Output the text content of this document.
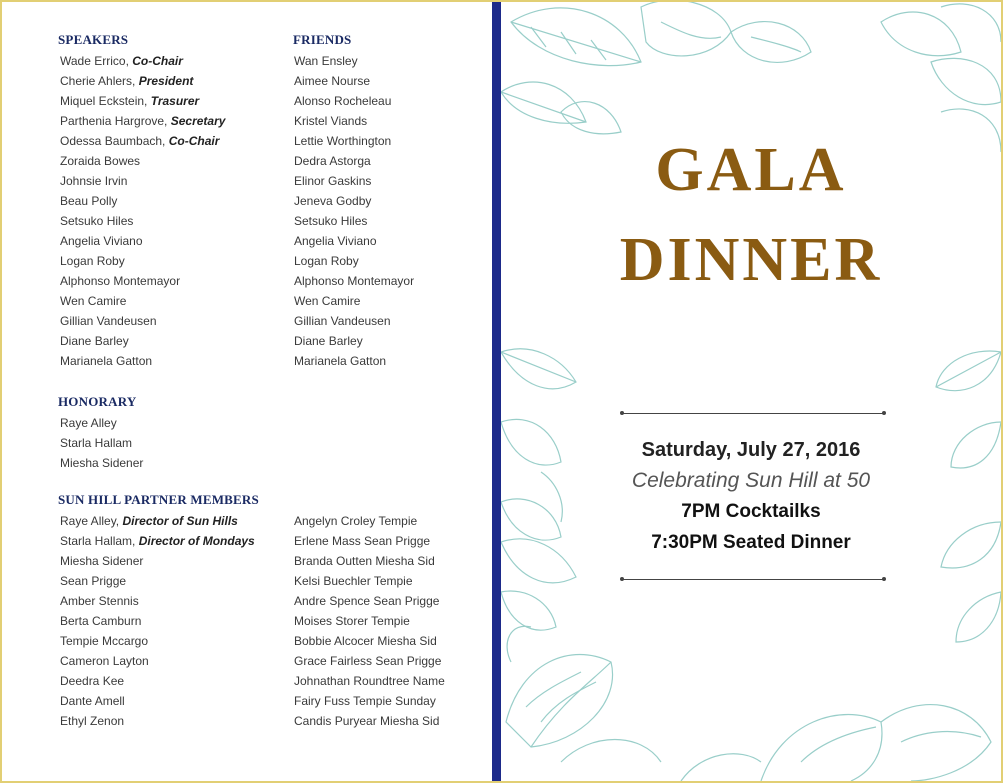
SPEAKERS
Wade Errico, Co-Chair
Cherie Ahlers, President
Miquel Eckstein, Trasurer
Parthenia Hargrove, Secretary
Odessa Baumbach, Co-Chair
Zoraida Bowes
Johnsie Irvin
Beau Polly
Setsuko Hiles
Angelia Viviano
Logan Roby
Alphonso Montemayor
Wen Camire
Gillian Vandeusen
Diane Barley
Marianela Gatton
FRIENDS
Wan Ensley
Aimee Nourse
Alonso Rocheleau
Kristel Viands
Lettie Worthington
Dedra Astorga
Elinor Gaskins
Jeneva Godby
Setsuko Hiles
Angelia Viviano
Logan Roby
Alphonso Montemayor
Wen Camire
Gillian Vandeusen
Diane Barley
Marianela Gatton
HONORARY
Raye Alley
Starla Hallam
Miesha Sidener
SUN HILL PARTNER MEMBERS
Raye Alley, Director of Sun Hills
Starla Hallam, Director of Mondays
Miesha Sidener
Sean Prigge
Amber Stennis
Berta Camburn
Tempie Mccargo
Cameron Layton
Deedra Kee
Dante Amell
Ethyl Zenon
Angelyn Croley Tempie
Erlene Mass Sean Prigge
Branda Outten Miesha Sid
Kelsi Buechler Tempie
Andre Spence Sean Prigge
Moises Storer Tempie
Bobbie Alcocer Miesha Sid
Grace Fairless Sean Prigge
Johnathan Roundtree Name
Fairy Fuss Tempie Sunday
Candis Puryear Miesha Sid
GALA
DINNER
Saturday, July 27, 2016
Celebrating Sun Hill at 50
7PM Cocktailks
7:30PM Seated Dinner
